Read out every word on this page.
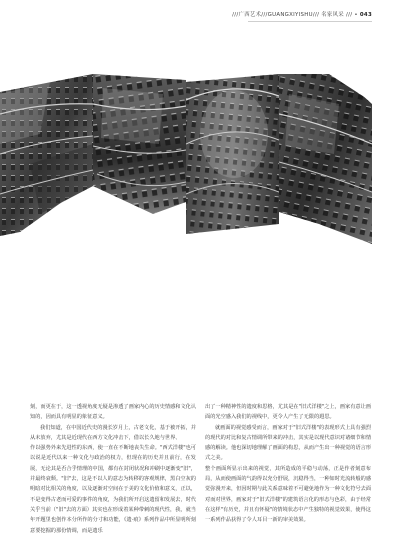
///广西艺术///GUANGXIYISHU/// 名家风采 /// • 043

刻，而更在于，这一透视角度无疑是渗透了画家内心的历史情感和文化认知的，因而具有明显的象征意义。

我们知道，在中国近代史的漫长岁月上，古老文化，基于被开拓，并从未放弃，尤其是近现代在西方文化冲击下，借以长久地与世界、

作以强势外来先进性的东西，使一直在不断地丧失生命。"西式洋楼"也可以说是近代以来一种文化与政治的权力，但现在的历史并且前行，在发展，无论其是否合乎情理的中国，都有在封闭状况和冲刷中逐渐变"旧"，并最终衰颓。"旧"去，这是不以人的意志为转移的客观规律，黑白空灰的明暗对比相关的角度，以及逐渐对空间在于美的文化价值和意义，正以，不是变得古老而可爱的事件的角度，为我们所开启这遗留和发展去，时代关乎当前（"旧"去的方面）其实也在形成着某种带刺的现代性，我，就当年开题里也创作本分所作的分寸和功能，《遗·痕》系列作品中所显明所刻意要挖掘的那份情调，而是遗乐

出了一种精神性的遗度和思格，尤其是在"旧式洋楼"之上，画家有意让画面的光空感入我们的视线中，更令人产生了无限的遐思。

就画面的视觉感受而言，画家对于"旧式洋楼"的表现形式上具有强烈的现代的对比和复古情调所带来的冲击，其实是以现代意识对诸细节和情感的解读。他也深切地理解了画面的构思，从而产生出一种视觉的语言形式之美。

整个画面所显示出来的视觉，其所造成的平稳与动荡，正是作者刻意布局，从而使画面的气韵得以充分舒展，沉稳得当，一种如时光流转般的感觉弥漫开来，但因时期与此关系意味着不可避免地作为一种文化符号去面对而对世界，画家对于"旧式洋楼"的建筑语言化的形态与色彩，由于经常在这样"有历史，并且有怀疑"的情境状态中产生独特的视觉效果，使得这一系列作品获得了令人耳目一新的审美效果。
